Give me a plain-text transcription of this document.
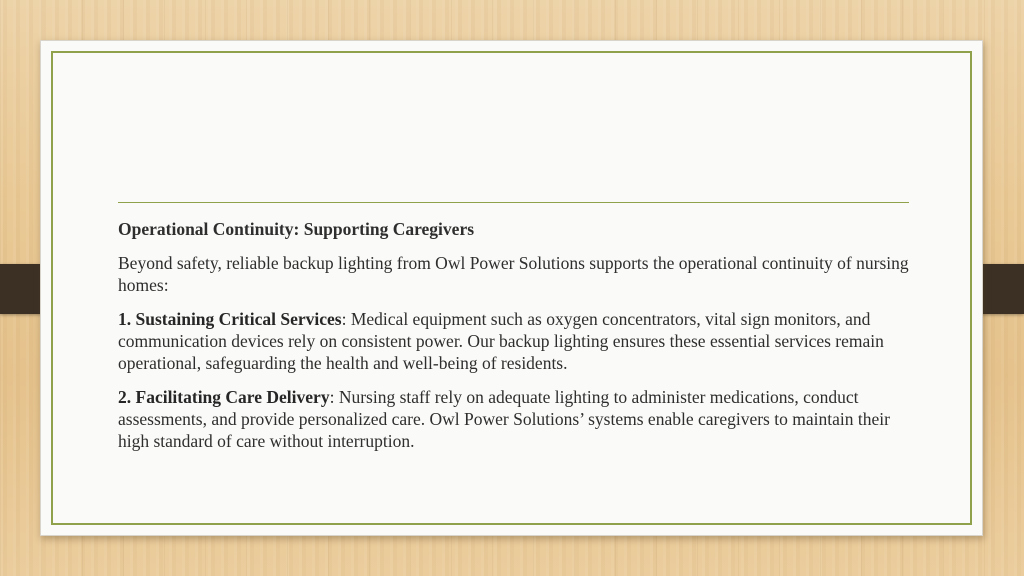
Operational Continuity: Supporting Caregivers

Beyond safety, reliable backup lighting from Owl Power Solutions supports the operational continuity of nursing homes:

1. Sustaining Critical Services: Medical equipment such as oxygen concentrators, vital sign monitors, and communication devices rely on consistent power. Our backup lighting ensures these essential services remain operational, safeguarding the health and well-being of residents.

2. Facilitating Care Delivery: Nursing staff rely on adequate lighting to administer medications, conduct assessments, and provide personalized care. Owl Power Solutions’ systems enable caregivers to maintain their high standard of care without interruption.
